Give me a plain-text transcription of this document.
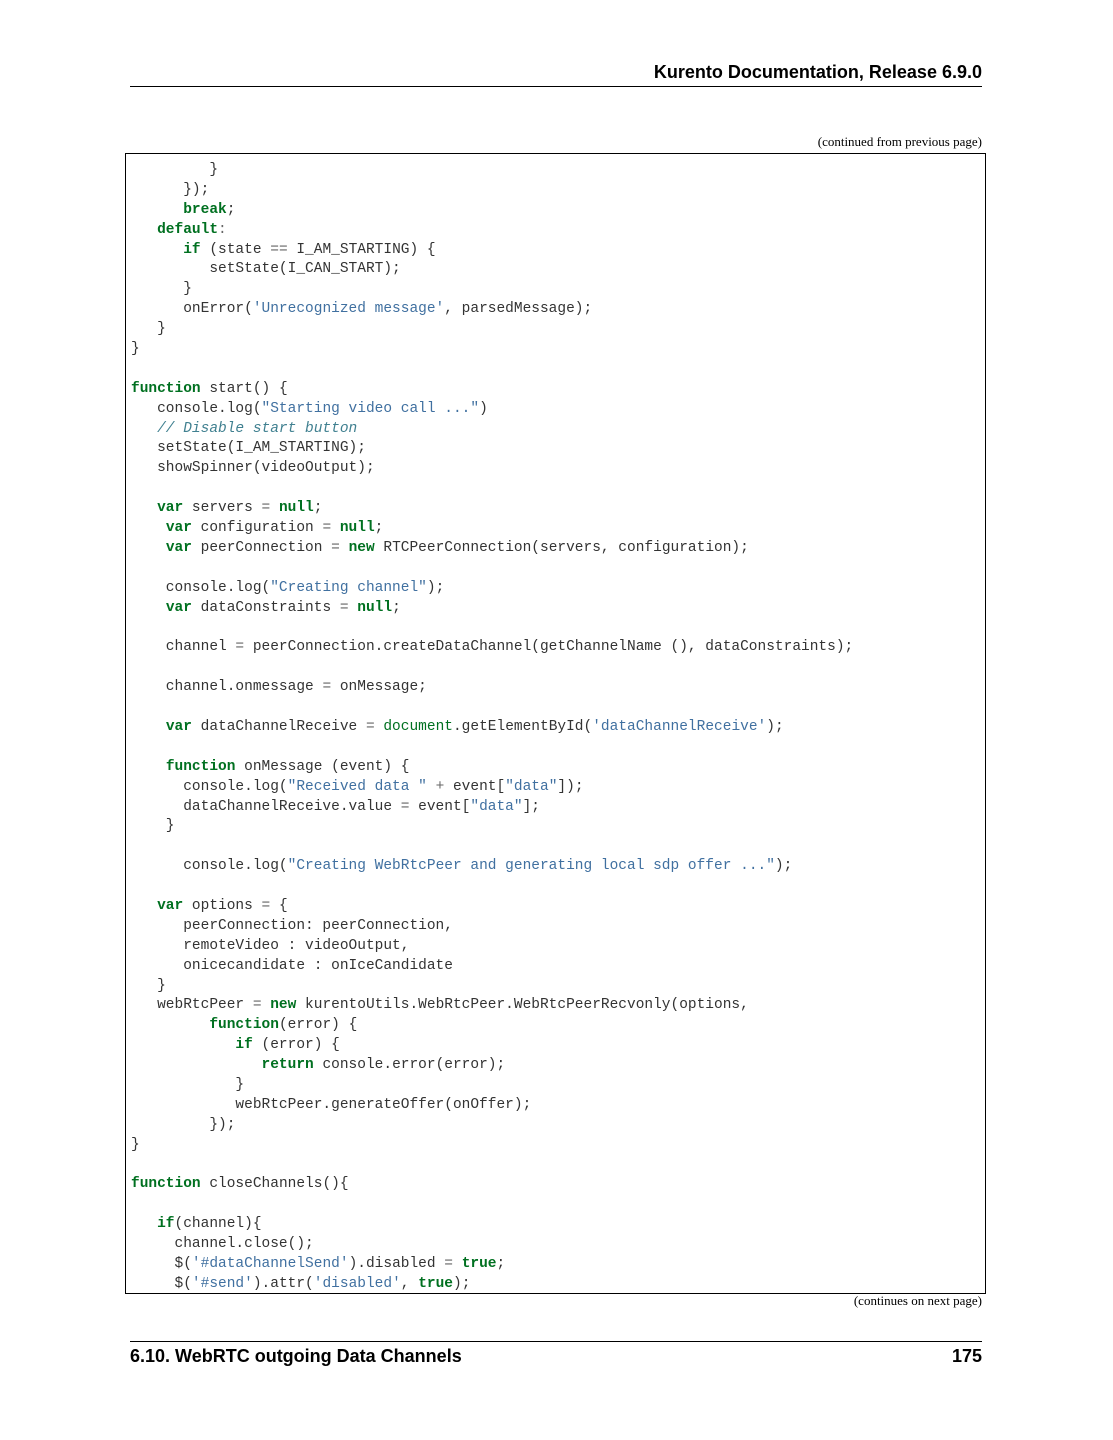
Kurento Documentation, Release 6.9.0
(continued from previous page)
}
});
break;
default:
if (state == I_AM_STARTING) {
setState(I_CAN_START);
}
onError('Unrecognized message', parsedMessage);
}
}
function start() {
console.log("Starting video call ...")
// Disable start button
setState(I_AM_STARTING);
showSpinner(videoOutput);
var servers = null;
var configuration = null;
var peerConnection = new RTCPeerConnection(servers, configuration);
console.log("Creating channel");
var dataConstraints = null;
channel = peerConnection.createDataChannel(getChannelName (), dataConstraints);
channel.onmessage = onMessage;
var dataChannelReceive = document.getElementById('dataChannelReceive');
function onMessage (event) {
console.log("Received data " + event["data"]);
dataChannelReceive.value = event["data"];
}
console.log("Creating WebRtcPeer and generating local sdp offer ...");
var options = {
peerConnection: peerConnection,
remoteVideo : videoOutput,
onicecandidate : onIceCandidate
}
webRtcPeer = new kurentoUtils.WebRtcPeer.WebRtcPeerRecvonly(options,
function(error) {
if (error) {
return console.error(error);
}
webRtcPeer.generateOffer(onOffer);
});
}
function closeChannels(){
if(channel){
channel.close();
$('#dataChannelSend').disabled = true;
$('#send').attr('disabled', true);
(continues on next page)
6.10. WebRTC outgoing Data Channels	175
